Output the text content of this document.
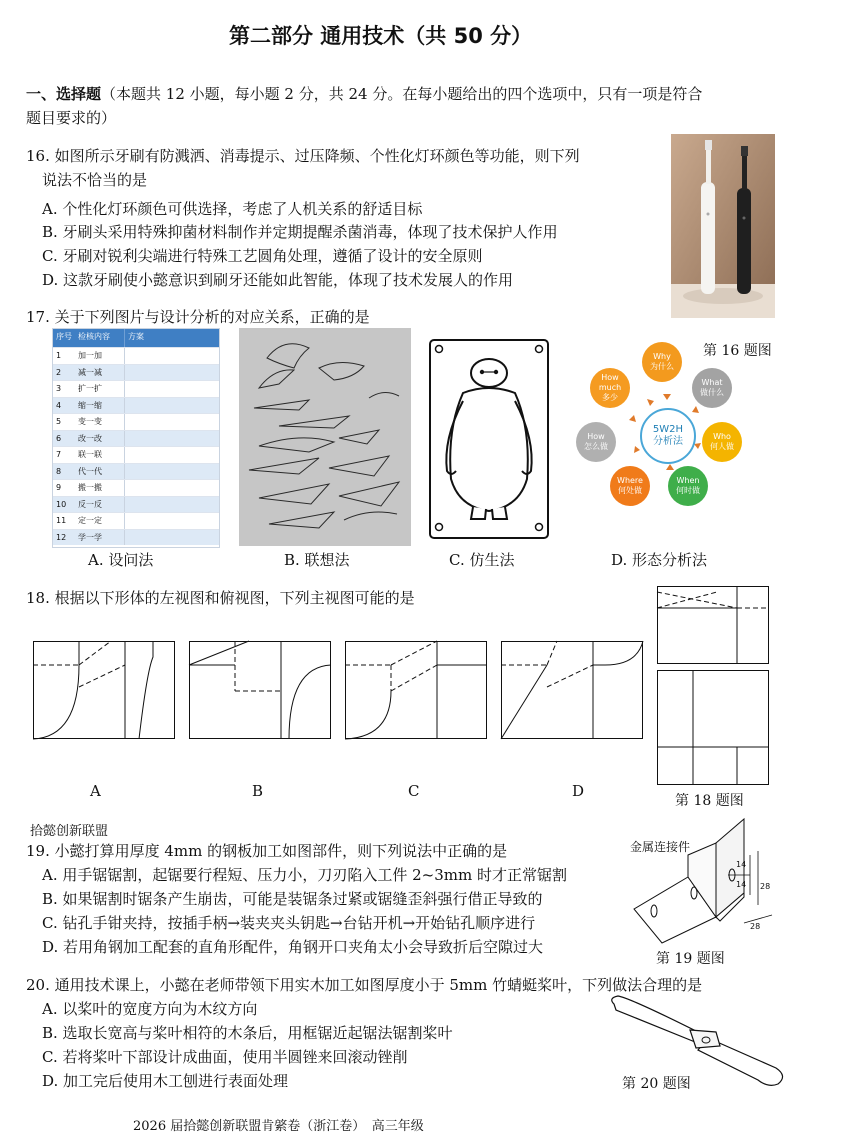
第二部分 通用技术（共 50 分）
一、选择题（本题共 12 小题，每小题 2 分，共 24 分。在每小题给出的四个选项中，只有一项是符合
题目要求的）
16. 如图所示牙刷有防溅洒、消毒提示、过压降频、个性化灯环颜色等功能，则下列
说法不恰当的是
A. 个性化灯环颜色可供选择，考虑了人机关系的舒适目标
B. 牙刷头采用特殊抑菌材料制作并定期提醒杀菌消毒，体现了技术保护人作用
C. 牙刷对锐利尖端进行特殊工艺圆角处理，遵循了设计的安全原则
D. 这款牙刷使小懿意识到刷牙还能如此智能，体现了技术发展人的作用
第 16 题图
17. 关于下列图片与设计分析的对应关系，正确的是
序号 检核内容	方案
1	加一加
2	减一减
3	扩一扩
4	缩一缩
5	变一变
6	改一改
7	联一联
8	代一代
9	搬一搬
10	反一反
11	定一定
12	学一学
5W2H
分析法
Why
为什么
What
做什么
Who
何人做
When
何时做
Where
何处做
How
怎么做
How much
多少
A. 设问法	B. 联想法	C. 仿生法	D. 形态分析法
18. 根据以下形体的左视图和俯视图，下列主视图可能的是
A	B	C	D
第 18 题图
拾懿创新联盟
19. 小懿打算用厚度 4mm 的钢板加工如图部件，则下列说法中正确的是
A. 用手锯锯割，起锯要行程短、压力小，刀刃陷入工件 2~3mm 时才正常锯割
B. 如果锯割时锯条产生崩齿，可能是装锯条过紧或锯缝歪斜强行借正导致的
C. 钻孔手钳夹持，按插手柄→装夹夹头钥匙→台钻开机→开始钻孔顺序进行
D. 若用角钢加工配套的直角形配件，角钢开口夹角太小会导致折后空隙过大
金属连接件
14
14 28
28
第 19 题图
20. 通用技术课上，小懿在老师带领下用实木加工如图厚度小于 5mm 竹蜻蜓桨叶，下列做法合理的是
A. 以桨叶的宽度方向为木纹方向
B. 选取长宽高与桨叶相符的木条后，用框锯近起锯法锯割桨叶
C. 若将桨叶下部设计成曲面，使用半圆锉来回滚动锉削
D. 加工完后使用木工刨进行表面处理	第 20 题图
2026 届拾懿创新联盟肯綮卷（浙江卷）　高三年级
